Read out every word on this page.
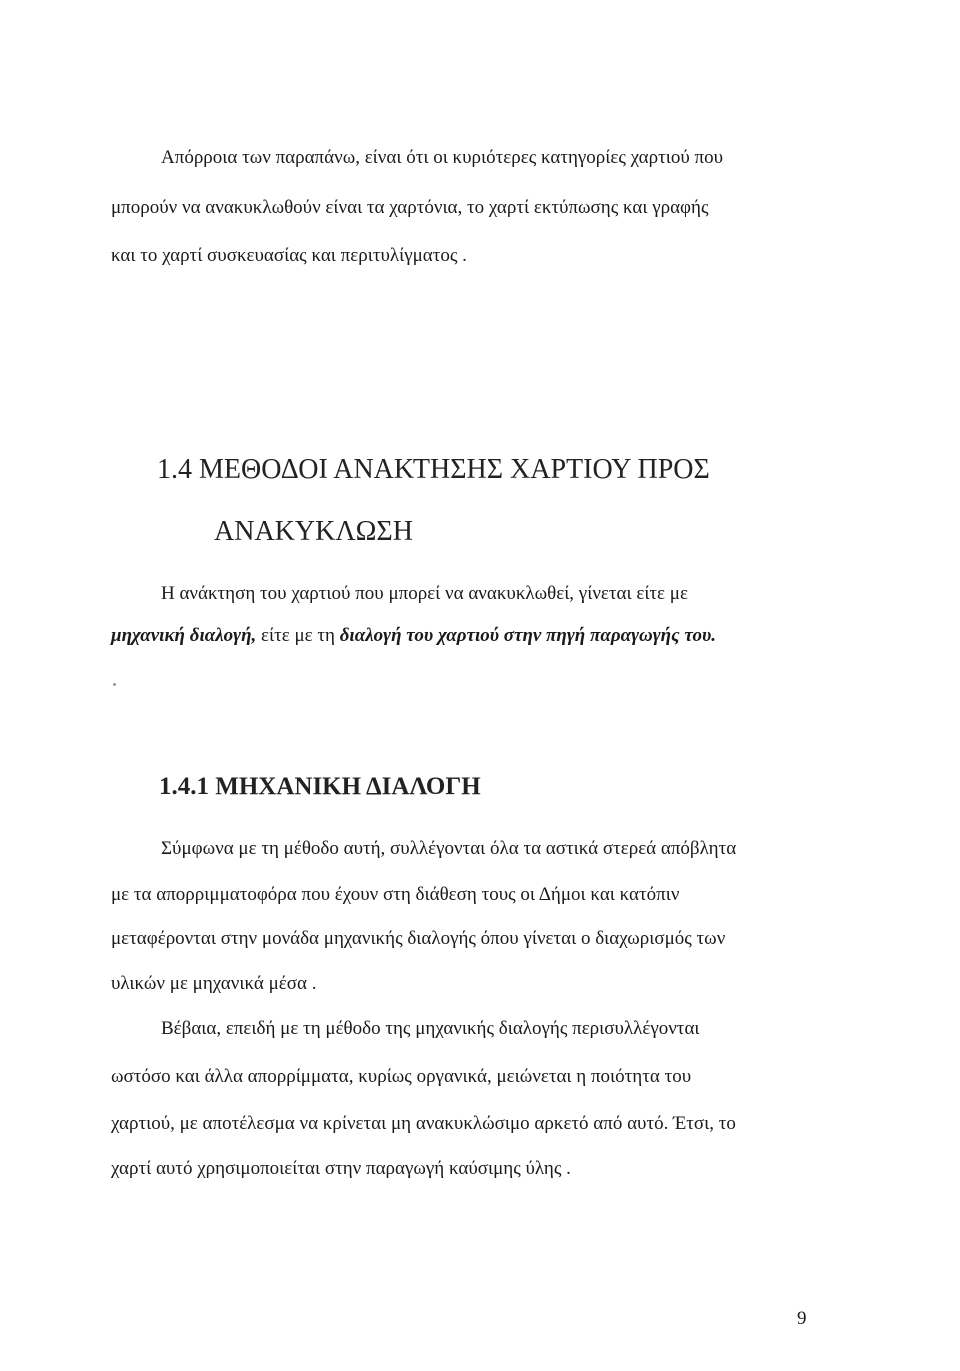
Απόρροια των παραπάνω, είναι ότι οι κυριότερες κατηγορίες χαρτιού που
μπορούν να ανακυκλωθούν είναι τα χαρτόνια, το χαρτί εκτύπωσης και γραφής
και το χαρτί συσκευασίας και περιτυλίγματος .
1.4 ΜΕΘΟΔΟΙ ΑΝΑΚΤΗΣΗΣ ΧΑΡΤΙΟΥ ΠΡΟΣ
ΑΝΑΚΥΚΛΩΣΗ
Η ανάκτηση του χαρτιού που μπορεί να ανακυκλωθεί, γίνεται είτε με
μηχανική διαλογή, είτε με τη διαλογή του χαρτιού στην πηγή παραγωγής του.
1.4.1 ΜΗΧΑΝΙΚΗ ΔΙΑΛΟΓΗ
Σύμφωνα με τη μέθοδο αυτή, συλλέγονται όλα τα αστικά στερεά απόβλητα
με τα απορριμματοφόρα που έχουν στη διάθεση τους οι Δήμοι και κατόπιν
μεταφέρονται στην μονάδα μηχανικής διαλογής όπου γίνεται ο διαχωρισμός των
υλικών με μηχανικά μέσα .
Βέβαια, επειδή με τη μέθοδο της μηχανικής διαλογής περισυλλέγονται
ωστόσο και άλλα απορρίμματα, κυρίως οργανικά, μειώνεται η ποιότητα του
χαρτιού, με αποτέλεσμα να κρίνεται μη ανακυκλώσιμο αρκετό από αυτό. Έτσι, το
χαρτί αυτό χρησιμοποιείται στην παραγωγή καύσιμης ύλης .
9
